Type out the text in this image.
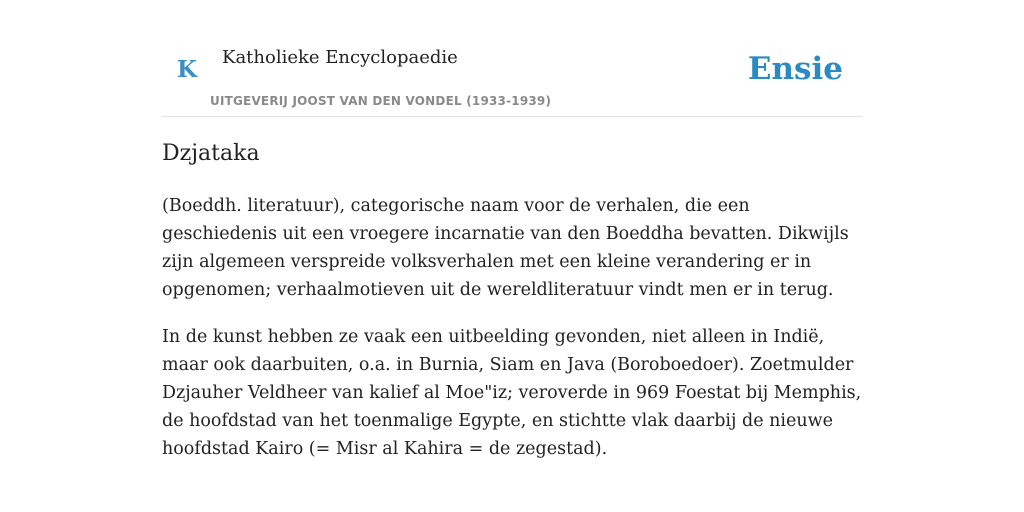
K Katholieke Encyclopaedie
UITGEVERIJ JOOST VAN DEN VONDEL (1933-1939)
Ensie
Dzjataka

(Boeddh. literatuur), categorische naam voor de verhalen, die een geschiedenis uit een vroegere incarnatie van den Boeddha bevatten. Dikwijls zijn algemeen verspreide volksverhalen met een kleine verandering er in opgenomen; verhaalmotieven uit de wereldliteratuur vindt men er in terug.

In de kunst hebben ze vaak een uitbeelding gevonden, niet alleen in Indië, maar ook daarbuiten, o.a. in Burnia, Siam en Java (Boroboedoer). Zoetmulder Dzjauher Veldheer van kalief al Moe"iz; veroverde in 969 Foestat bij Memphis, de hoofdstad van het toenmalige Egypte, en stichtte vlak daarbij de nieuwe hoofdstad Kairo (= Misr al Kahira = de zegestad).
